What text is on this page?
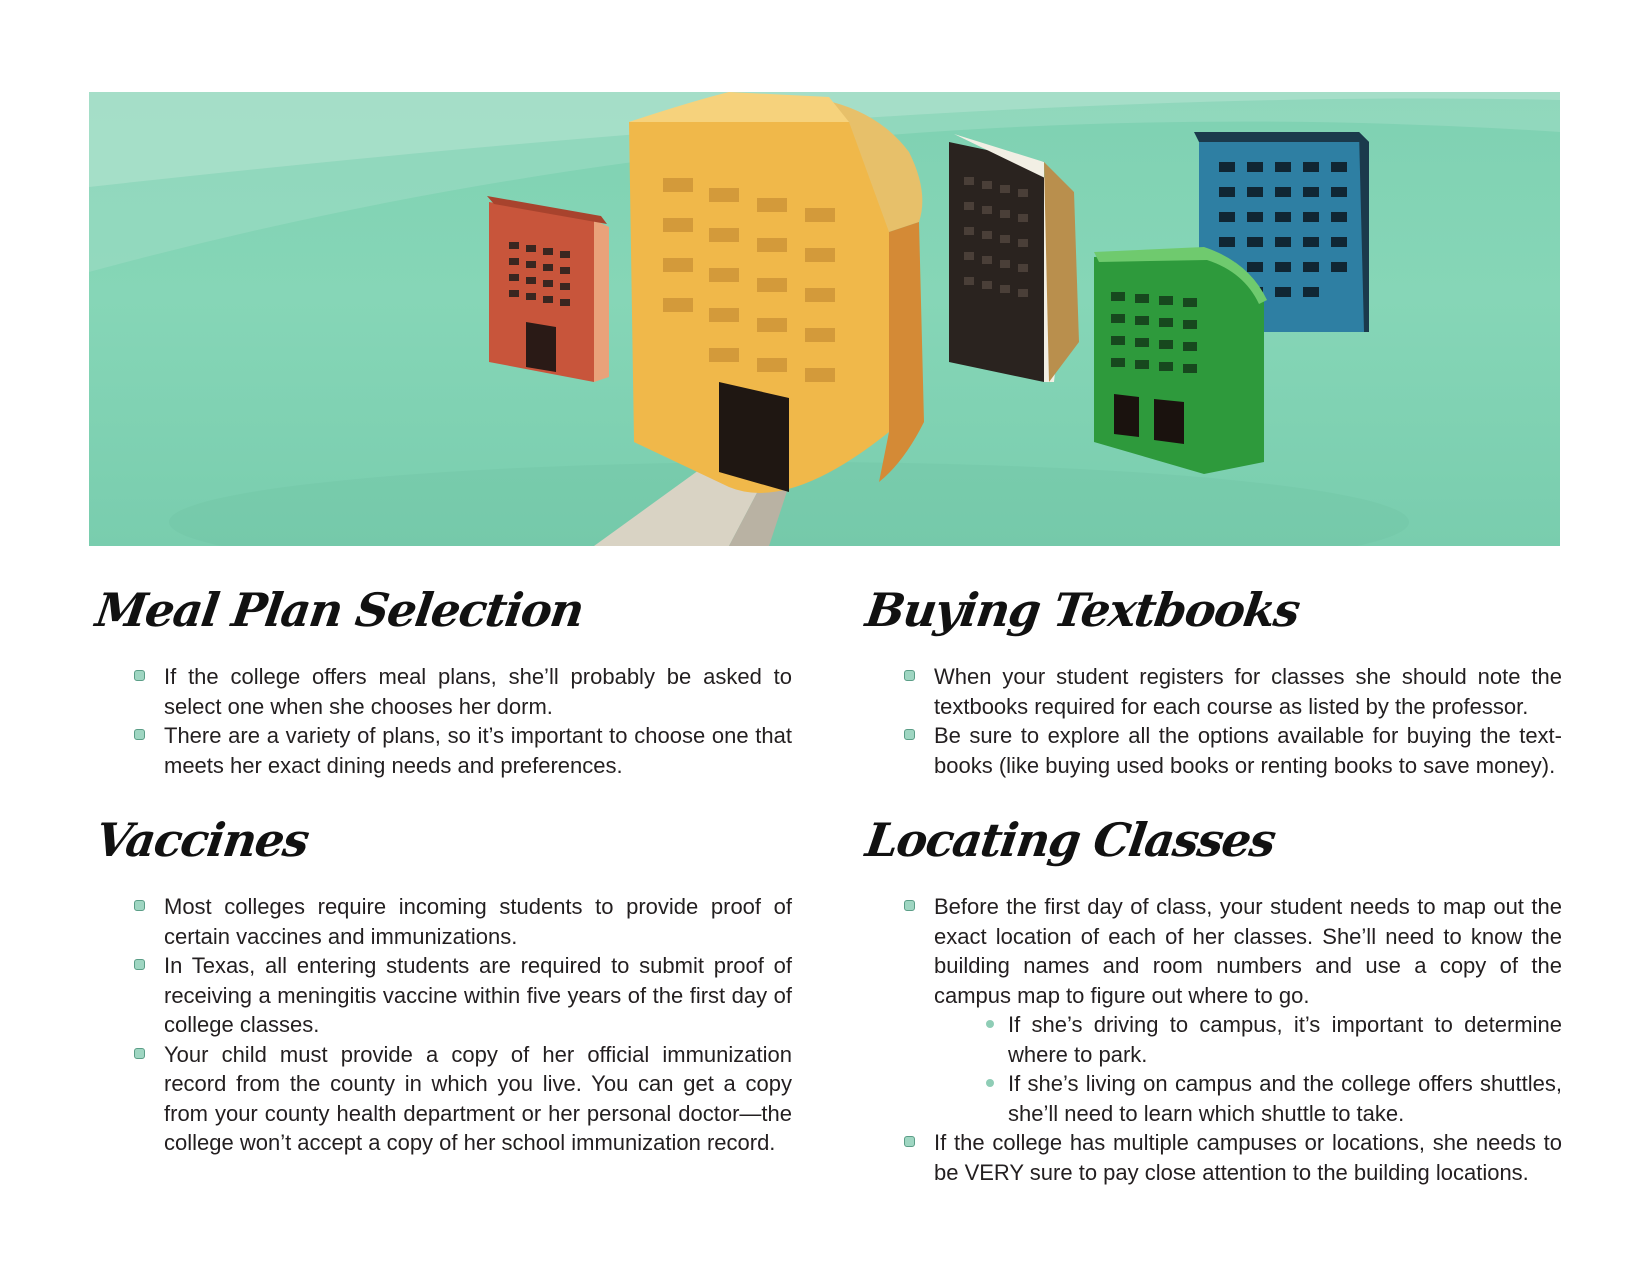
Meal Plan Selection
If the college offers meal plans, she’ll probably be asked to select one when she chooses her dorm.
There are a variety of plans, so it’s important to choose one that meets her exact dining needs and preferences.
Vaccines
Most colleges require incoming students to provide proof of certain vaccines and immunizations.
In Texas, all entering students are required to submit proof of receiving a meningitis vaccine within five years of the first day of college classes.
Your child must provide a copy of her official immunization record from the county in which you live. You can get a copy from your county health department or her personal doctor—the college won’t accept a copy of her school immunization record.
Buying Textbooks
When your student registers for classes she should note the textbooks required for each course as listed by the professor.
Be sure to explore all the options available for buying the textbooks (like buying used books or renting books to save money).
Locating Classes
Before the first day of class, your student needs to map out the exact location of each of her classes. She’ll need to know the building names and room numbers and use a copy of the campus map to figure out where to go.
If she’s driving to campus, it’s important to determine where to park.
If she’s living on campus and the college offers shuttles, she’ll need to learn which shuttle to take.
If the college has multiple campuses or locations, she needs to be VERY sure to pay close attention to the building locations.
